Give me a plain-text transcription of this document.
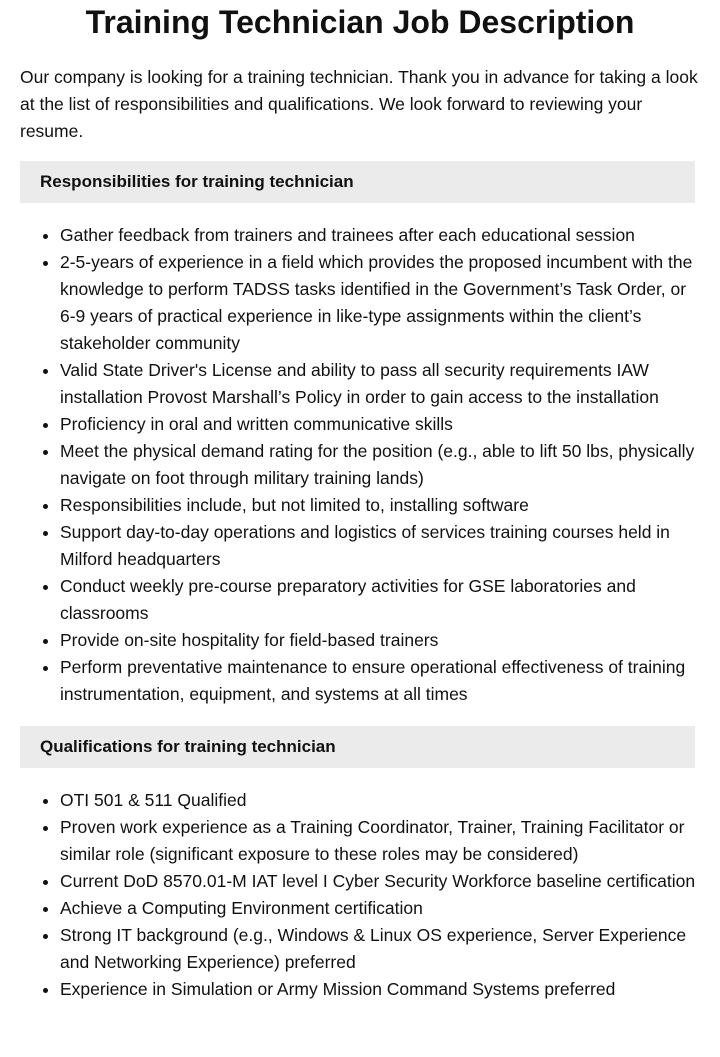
Training Technician Job Description

Our company is looking for a training technician. Thank you in advance for taking a look at the list of responsibilities and qualifications. We look forward to reviewing your resume.

Responsibilities for training technician
• Gather feedback from trainers and trainees after each educational session
• 2-5-years of experience in a field which provides the proposed incumbent with the knowledge to perform TADSS tasks identified in the Government’s Task Order, or 6-9 years of practical experience in like-type assignments within the client’s stakeholder community
• Valid State Driver's License and ability to pass all security requirements IAW installation Provost Marshall’s Policy in order to gain access to the installation
• Proficiency in oral and written communicative skills
• Meet the physical demand rating for the position (e.g., able to lift 50 lbs, physically navigate on foot through military training lands)
• Responsibilities include, but not limited to, installing software
• Support day-to-day operations and logistics of services training courses held in Milford headquarters
• Conduct weekly pre-course preparatory activities for GSE laboratories and classrooms
• Provide on-site hospitality for field-based trainers
• Perform preventative maintenance to ensure operational effectiveness of training instrumentation, equipment, and systems at all times
Qualifications for training technician
• OTI 501 & 511 Qualified
• Proven work experience as a Training Coordinator, Trainer, Training Facilitator or similar role (significant exposure to these roles may be considered)
• Current DoD 8570.01-M IAT level I Cyber Security Workforce baseline certification
• Achieve a Computing Environment certification
• Strong IT background (e.g., Windows & Linux OS experience, Server Experience and Networking Experience) preferred
• Experience in Simulation or Army Mission Command Systems preferred
